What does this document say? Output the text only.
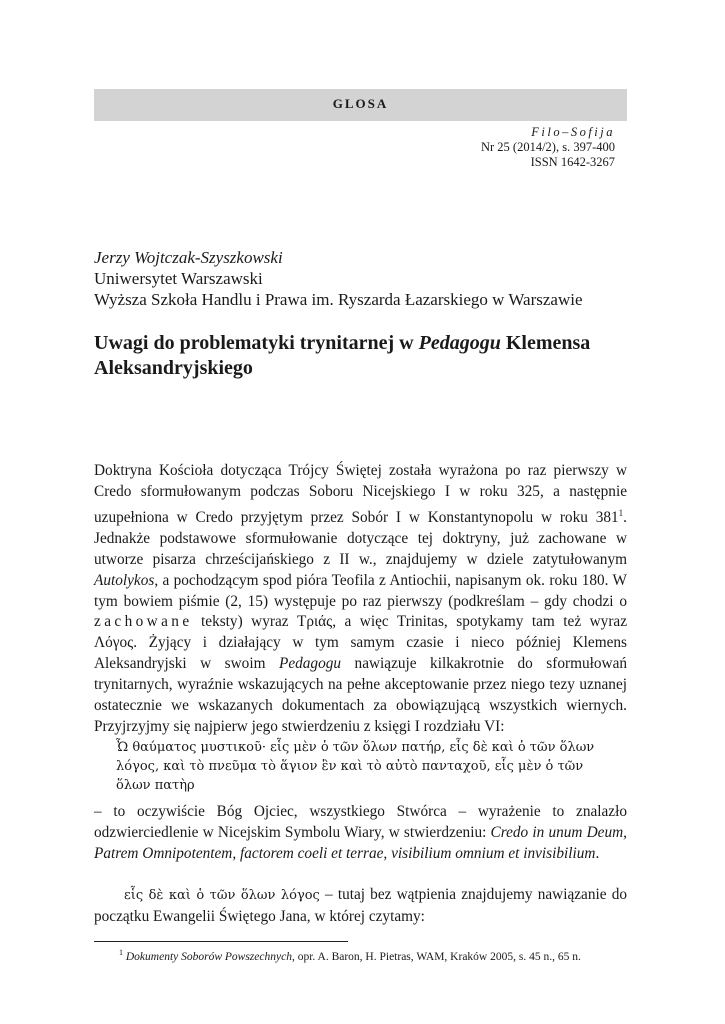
GLOSA
Filo–Sofija
Nr 25 (2014/2), s. 397-400
ISSN 1642-3267
Jerzy Wojtczak-Szyszkowski
Uniwersytet Warszawski
Wyższa Szkoła Handlu i Prawa im. Ryszarda Łazarskiego w Warszawie
Uwagi do problematyki trynitarnej w Pedagogu Klemensa Aleksandryjskiego
Doktryna Kościoła dotycząca Trójcy Świętej została wyrażona po raz pierwszy w Credo sformułowanym podczas Soboru Nicejskiego I w roku 325, a następnie uzupełniona w Credo przyjętym przez Sobór I w Konstantynopolu w roku $381^1$. Jednakże podstawowe sformułowanie dotyczące tej doktryny, już zachowane w utworze pisarza chrześcijańskiego z II w., znajdujemy w dziele zatytułowanym Autolykos, a pochodzącym spod pióra Teofila z Antiochii, napisanym ok. roku 180. W tym bowiem piśmie (2, 15) występuje po raz pierwszy (podkreślam – gdy chodzi o zachowane teksty) wyraz Τριάς, a więc Trinitas, spotykamy tam też wyraz Λόγος. Żyjący i działający w tym samym czasie i nieco później Klemens Aleksandryjski w swoim Pedagogu nawiązuje kilkakrotnie do sformułowań trynitarnych, wyraźnie wskazujących na pełne akceptowanie przez niego tezy uznanej ostatecznie we wskazanych dokumentach za obowiązującą wszystkich wiernych. Przyjrzyjmy się najpierw jego stwierdzeniu z księgi I rozdziału VI:
Ὦ θαύματος μυστικοῦ· εἷς μὲν ὁ τῶν ὅλων πατήρ, εἷς δὲ καὶ ὁ τῶν ὅλων λόγος, καὶ τὸ πνεῦμα τὸ ἅγιον ἓν καὶ τὸ αὐτὸ πανταχοῦ, εἷς μὲν ὁ τῶν ὅλων πατὴρ
– to oczywiście Bóg Ojciec, wszystkiego Stwórca – wyrażenie to znalazło odzwierciedlenie w Nicejskim Symbolu Wiary, w stwierdzeniu: Credo in unum Deum, Patrem Omnipotentem, factorem coeli et terrae, visibilium omnium et invisibilium.
εἷς δὲ καὶ ὁ τῶν ὅλων λόγος – tutaj bez wątpienia znajdujemy nawiązanie do początku Ewangelii Świętego Jana, w której czytamy:
$^1$ Dokumenty Soborów Powszechnych, opr. A. Baron, H. Pietras, WAM, Kraków 2005, s. 45 n., 65 n.
